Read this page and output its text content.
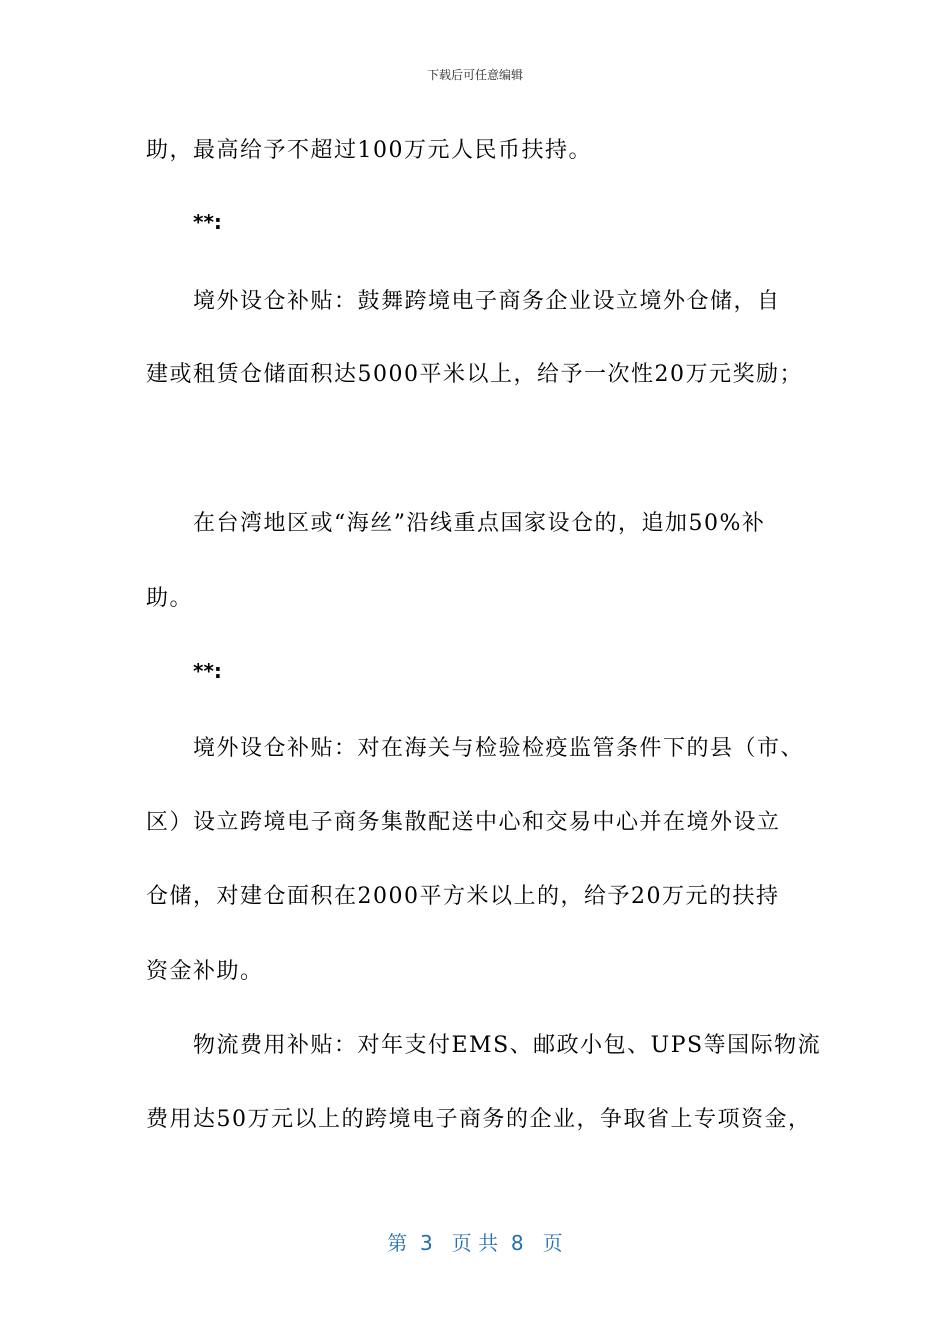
下载后可任意编辑
助，最高给予不超过100万元人民币扶持。
**:
境外设仓补贴：鼓舞跨境电子商务企业设立境外仓储，自
建或租赁仓储面积达5000平米以上，给予一次性20万元奖励；
在台湾地区或“海丝”沿线重点国家设仓的，追加50%补
助。
**:
境外设仓补贴：对在海关与检验检疫监管条件下的县（市、
区）设立跨境电子商务集散配送中心和交易中心并在境外设立
仓储，对建仓面积在2000平方米以上的，给予20万元的扶持
资金补助。
物流费用补贴：对年支付EMS、邮政小包、UPS等国际物流
费用达50万元以上的跨境电子商务的企业，争取省上专项资金，
第  3   页 共  8   页
